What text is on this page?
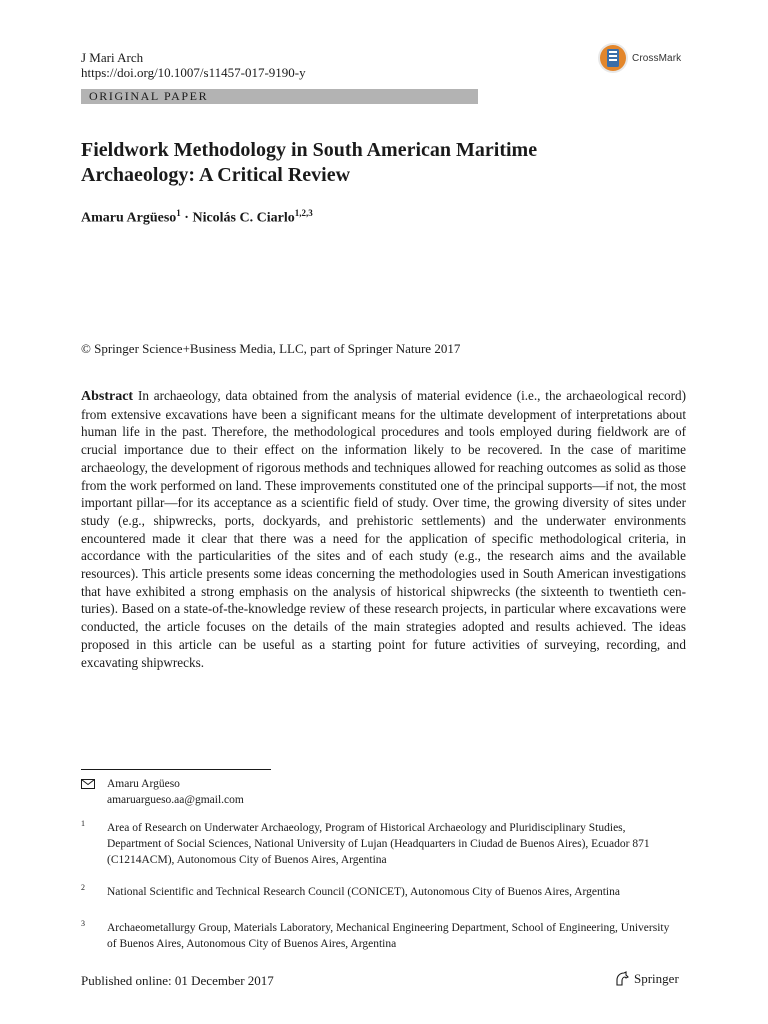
J Mari Arch
https://doi.org/10.1007/s11457-017-9190-y
CrossMark
ORIGINAL PAPER
Fieldwork Methodology in South American Maritime
Archaeology: A Critical Review
Amaru Argüeso$^1$ · Nicolás C. Ciarlo$^{1,2,3}$
© Springer Science+Business Media, LLC, part of Springer Nature 2017

Abstract In archaeology, data obtained from the analysis of material evidence (i.e., the archaeological record) from extensive excavations have been a significant means for the ultimate development of interpretations about human life in the past. Therefore, the methodological procedures and tools employed during fieldwork are of crucial importance due to their effect on the information likely to be recovered. In the case of maritime archaeology, the development of rigorous methods and techniques allowed for reaching outcomes as solid as those from the work performed on land. These improvements constituted one of the principal supports—if not, the most important pillar—for its acceptance as a scientific field of study. Over time, the growing diversity of sites under study (e.g., shipwrecks, ports, dockyards, and prehistoric settlements) and the underwater environments encountered made it clear that there was a need for the application of specific methodological criteria, in accordance with the particularities of the sites and of each study (e.g., the research aims and the available resources). This article presents some ideas concerning the methodologies used in South American investigations that have exhibited a strong emphasis on the analysis of historical shipwrecks (the sixteenth to twentieth centuries). Based on a state-of-the-knowledge review of these research projects, in particular where excavations were conducted, the article focuses on the details of the main strategies adopted and results achieved. The ideas proposed in this article can be useful as a starting point for future activities of surveying, recording, and excavating shipwrecks.

Amaru Argüeso
amaruargueso.aa@gmail.com
1 Area of Research on Underwater Archaeology, Program of Historical Archaeology and Pluridisciplinary Studies, Department of Social Sciences, National University of Lujan (Headquarters in Ciudad de Buenos Aires), Ecuador 871 (C1214ACM), Autonomous City of Buenos Aires, Argentina
2 National Scientific and Technical Research Council (CONICET), Autonomous City of Buenos Aires, Argentina
3 Archaeometallurgy Group, Materials Laboratory, Mechanical Engineering Department, School of Engineering, University of Buenos Aires, Autonomous City of Buenos Aires, Argentina
Published online: 01 December 2017	Springer
